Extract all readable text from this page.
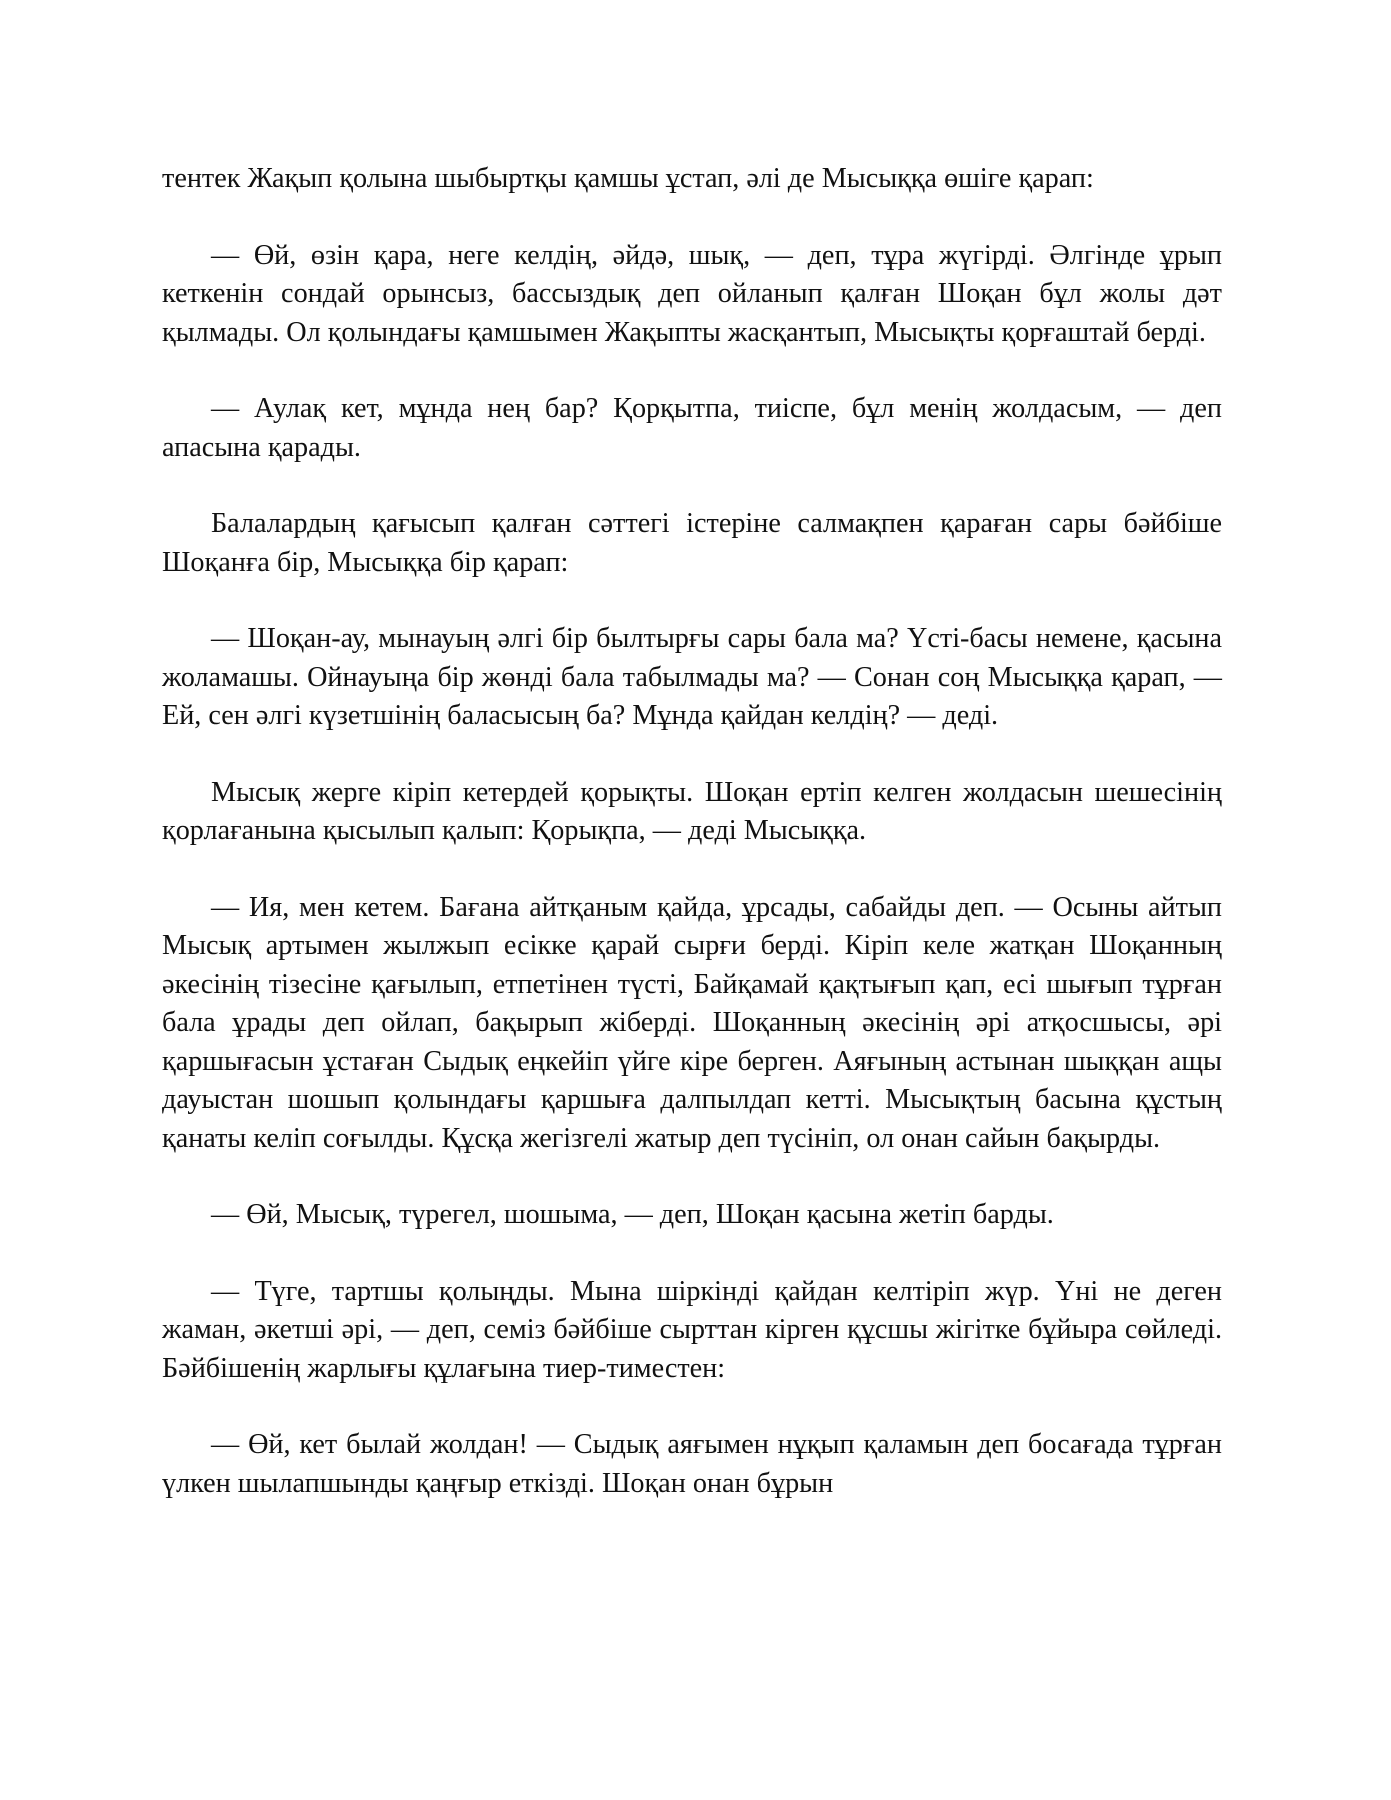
тентек Жақып қолына шыбыртқы қамшы ұстап, әлі де Мысыққа өшіге қарап:

— Өй, өзін қара, неге келдің, әйдә, шық, — деп, тұра жүгірді. Әлгінде ұрып кеткенін сондай орынсыз, бассыздық деп ойланып қалған Шоқан бұл жолы дәт қылмады. Ол қолындағы қамшымен Жақыпты жасқантып, Мысықты қорғаштай берді.

— Аулақ кет, мұнда нең бар? Қорқытпа, тиіспе, бұл менің жолдасым, — деп апасына қарады.

Балалардың қағысып қалған сәттегі істеріне салмақпен қараған сары бәйбіше Шоқанға бір, Мысыққа бір қарап:

— Шоқан-ау, мынауың әлгі бір былтырғы сары бала ма? Үсті-басы немене, қасына жоламашы. Ойнауыңа бір жөнді бала табылмады ма? — Сонан соң Мысыққа қарап, — Ей, сен әлгі күзетшінің баласысың ба? Мұнда қайдан келдің? — деді.

Мысық жерге кіріп кетердей қорықты. Шоқан ертіп келген жолдасын шешесінің қорлағанына қысылып қалып: Қорықпа, — деді Мысыққа.

— Ия, мен кетем. Бағана айтқаным қайда, ұрсады, сабайды деп. — Осыны айтып Мысық артымен жылжып есікке қарай сырғи берді. Кіріп келе жатқан Шоқанның әкесінің тізесіне қағылып, етпетінен түсті, Байқамай қақтығып қап, есі шығып тұрған бала ұрады деп ойлап, бақырып жіберді. Шоқанның әкесінің әрі атқосшысы, әрі қаршығасын ұстаған Сыдық еңкейіп үйге кіре берген. Аяғының астынан шыққан ащы дауыстан шошып қолындағы қаршыға далпылдап кетті. Мысықтың басына құстың қанаты келіп соғылды. Құсқа жегізгелі жатыр деп түсініп, ол онан сайын бақырды.

— Өй, Мысық, түрегел, шошыма, — деп, Шоқан қасына жетіп барды.

— Түге, тартшы қолыңды. Мына шіркінді қайдан келтіріп жүр. Үні не деген жаман, әкетші әрі, — деп, семіз бәйбіше сырттан кірген құсшы жігітке бұйыра сөйледі. Бәйбішенің жарлығы құлағына тиер-тиместен:

— Өй, кет былай жолдан! — Сыдық аяғымен нұқып қаламын деп босағада тұрған үлкен шылапшынды қаңғыр еткізді. Шоқан онан бұрын
